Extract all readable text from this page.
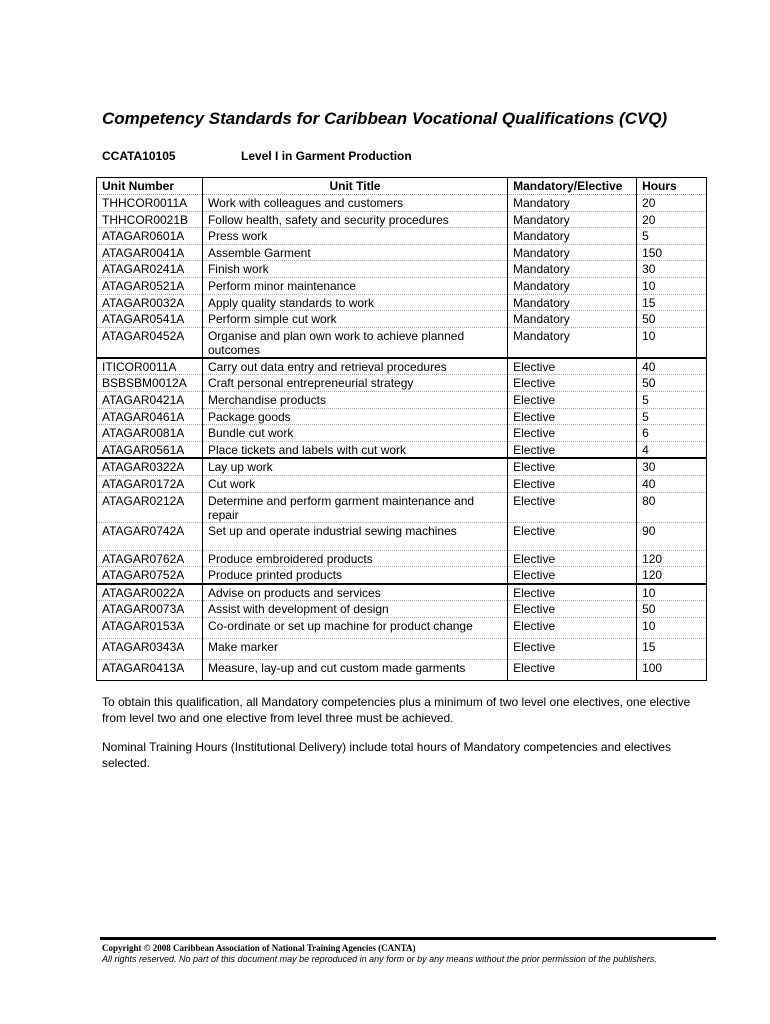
Competency Standards for Caribbean Vocational Qualifications (CVQ)
CCATA10105	Level I in Garment Production
Unit Number	Unit Title	Mandatory/Elective	Hours
THHCOR0011A	Work with colleagues and customers	Mandatory	20
THHCOR0021B	Follow health, safety and security procedures	Mandatory	20
ATAGAR0601A	Press work	Mandatory	5
ATAGAR0041A	Assemble Garment	Mandatory	150
ATAGAR0241A	Finish work	Mandatory	30
ATAGAR0521A	Perform minor maintenance	Mandatory	10
ATAGAR0032A	Apply quality standards to work	Mandatory	15
ATAGAR0541A	Perform simple cut work	Mandatory	50
ATAGAR0452A	Organise and plan own work to achieve planned outcomes	Mandatory	10
ITICOR0011A	Carry out data entry and retrieval procedures	Elective	40
BSBSBM0012A	Craft personal entrepreneurial strategy	Elective	50
ATAGAR0421A	Merchandise products	Elective	5
ATAGAR0461A	Package goods	Elective	5
ATAGAR0081A	Bundle cut work	Elective	6
ATAGAR0561A	Place tickets and labels with cut work	Elective	4
ATAGAR0322A	Lay up work	Elective	30
ATAGAR0172A	Cut work	Elective	40
ATAGAR0212A	Determine and perform garment maintenance and repair	Elective	80
ATAGAR0742A	Set up and operate industrial sewing machines	Elective	90
ATAGAR0762A	Produce embroidered products	Elective	120
ATAGAR0752A	Produce printed products	Elective	120
ATAGAR0022A	Advise on products and services	Elective	10
ATAGAR0073A	Assist with development of design	Elective	50
ATAGAR0153A	Co-ordinate or set up machine for product change	Elective	10
ATAGAR0343A	Make marker	Elective	15
ATAGAR0413A	Measure, lay-up and cut custom made garments	Elective	100

To obtain this qualification, all Mandatory competencies plus a minimum of two level one electives, one elective from level two and one elective from level three must be achieved.

Nominal Training Hours (Institutional Delivery) include total hours of Mandatory competencies and electives selected.

Copyright © 2008 Caribbean Association of National Training Agencies (CANTA)

All rights reserved. No part of this document may be reproduced in any form or by any means without the prior permission of the publishers.
